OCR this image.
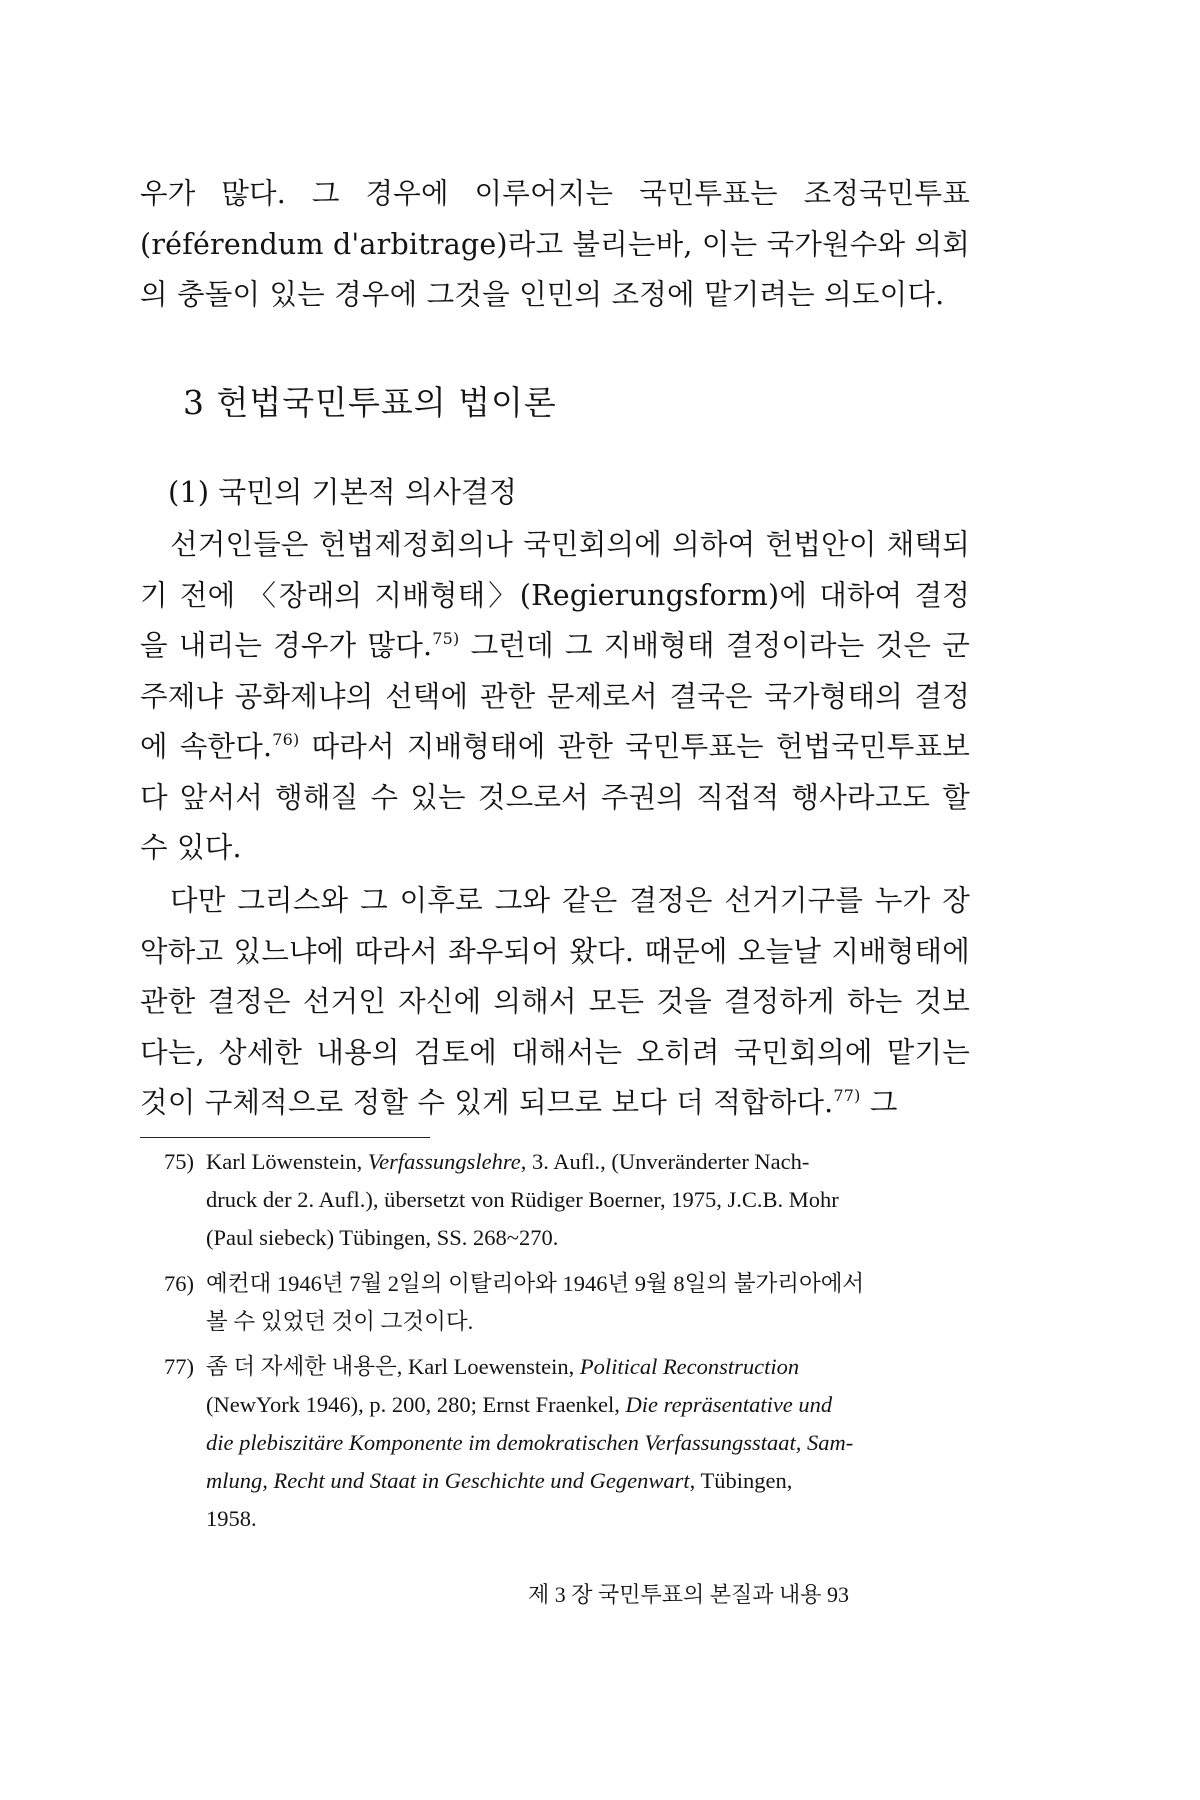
우가 많다. 그 경우에 이루어지는 국민투표는 조정국민투표(référendum d'arbitrage)라고 불리는바, 이는 국가원수와 의회의 충돌이 있는 경우에 그것을 인민의 조정에 맡기려는 의도이다.

3 헌법국민투표의 법이론
(1) 국민의 기본적 의사결정

선거인들은 헌법제정회의나 국민회의에 의하여 헌법안이 채택되기 전에 〈장래의 지배형태〉(Regierungsform)에 대하여 결정을 내리는 경우가 많다.$^{75)}$ 그런데 그 지배형태 결정이라는 것은 군주제냐 공화제냐의 선택에 관한 문제로서 결국은 국가형태의 결정에 속한다.$^{76)}$ 따라서 지배형태에 관한 국민투표는 헌법국민투표보다 앞서서 행해질 수 있는 것으로서 주권의 직접적 행사라고도 할 수 있다.

다만 그리스와 그 이후로 그와 같은 결정은 선거기구를 누가 장악하고 있느냐에 따라서 좌우되어 왔다. 때문에 오늘날 지배형태에 관한 결정은 선거인 자신에 의해서 모든 것을 결정하게 하는 것보다는, 상세한 내용의 검토에 대해서는 오히려 국민회의에 맡기는 것이 구체적으로 정할 수 있게 되므로 보다 더 적합하다.$^{77)}$ 그

75) Karl Löwenstein, Verfassungslehre, 3. Aufl., (Unveränderter Nach-
druck der 2. Aufl.), übersetzt von Rüdiger Boerner, 1975, J.C.B. Mohr
(Paul siebeck) Tübingen, SS. 268~270.
76) 예컨대 1946년 7월 2일의 이탈리아와 1946년 9월 8일의 불가리아에서
볼 수 있었던 것이 그것이다.
77) 좀 더 자세한 내용은, Karl Loewenstein, Political Reconstruction
(NewYork 1946), p. 200, 280; Ernst Fraenkel, Die repräsentative und
die plebiszitäre Komponente im demokratischen Verfassungsstaat, Sam-
mlung, Recht und Staat in Geschichte und Gegenwart, Tübingen,
1958.

제 3 장 국민투표의 본질과 내용 93
